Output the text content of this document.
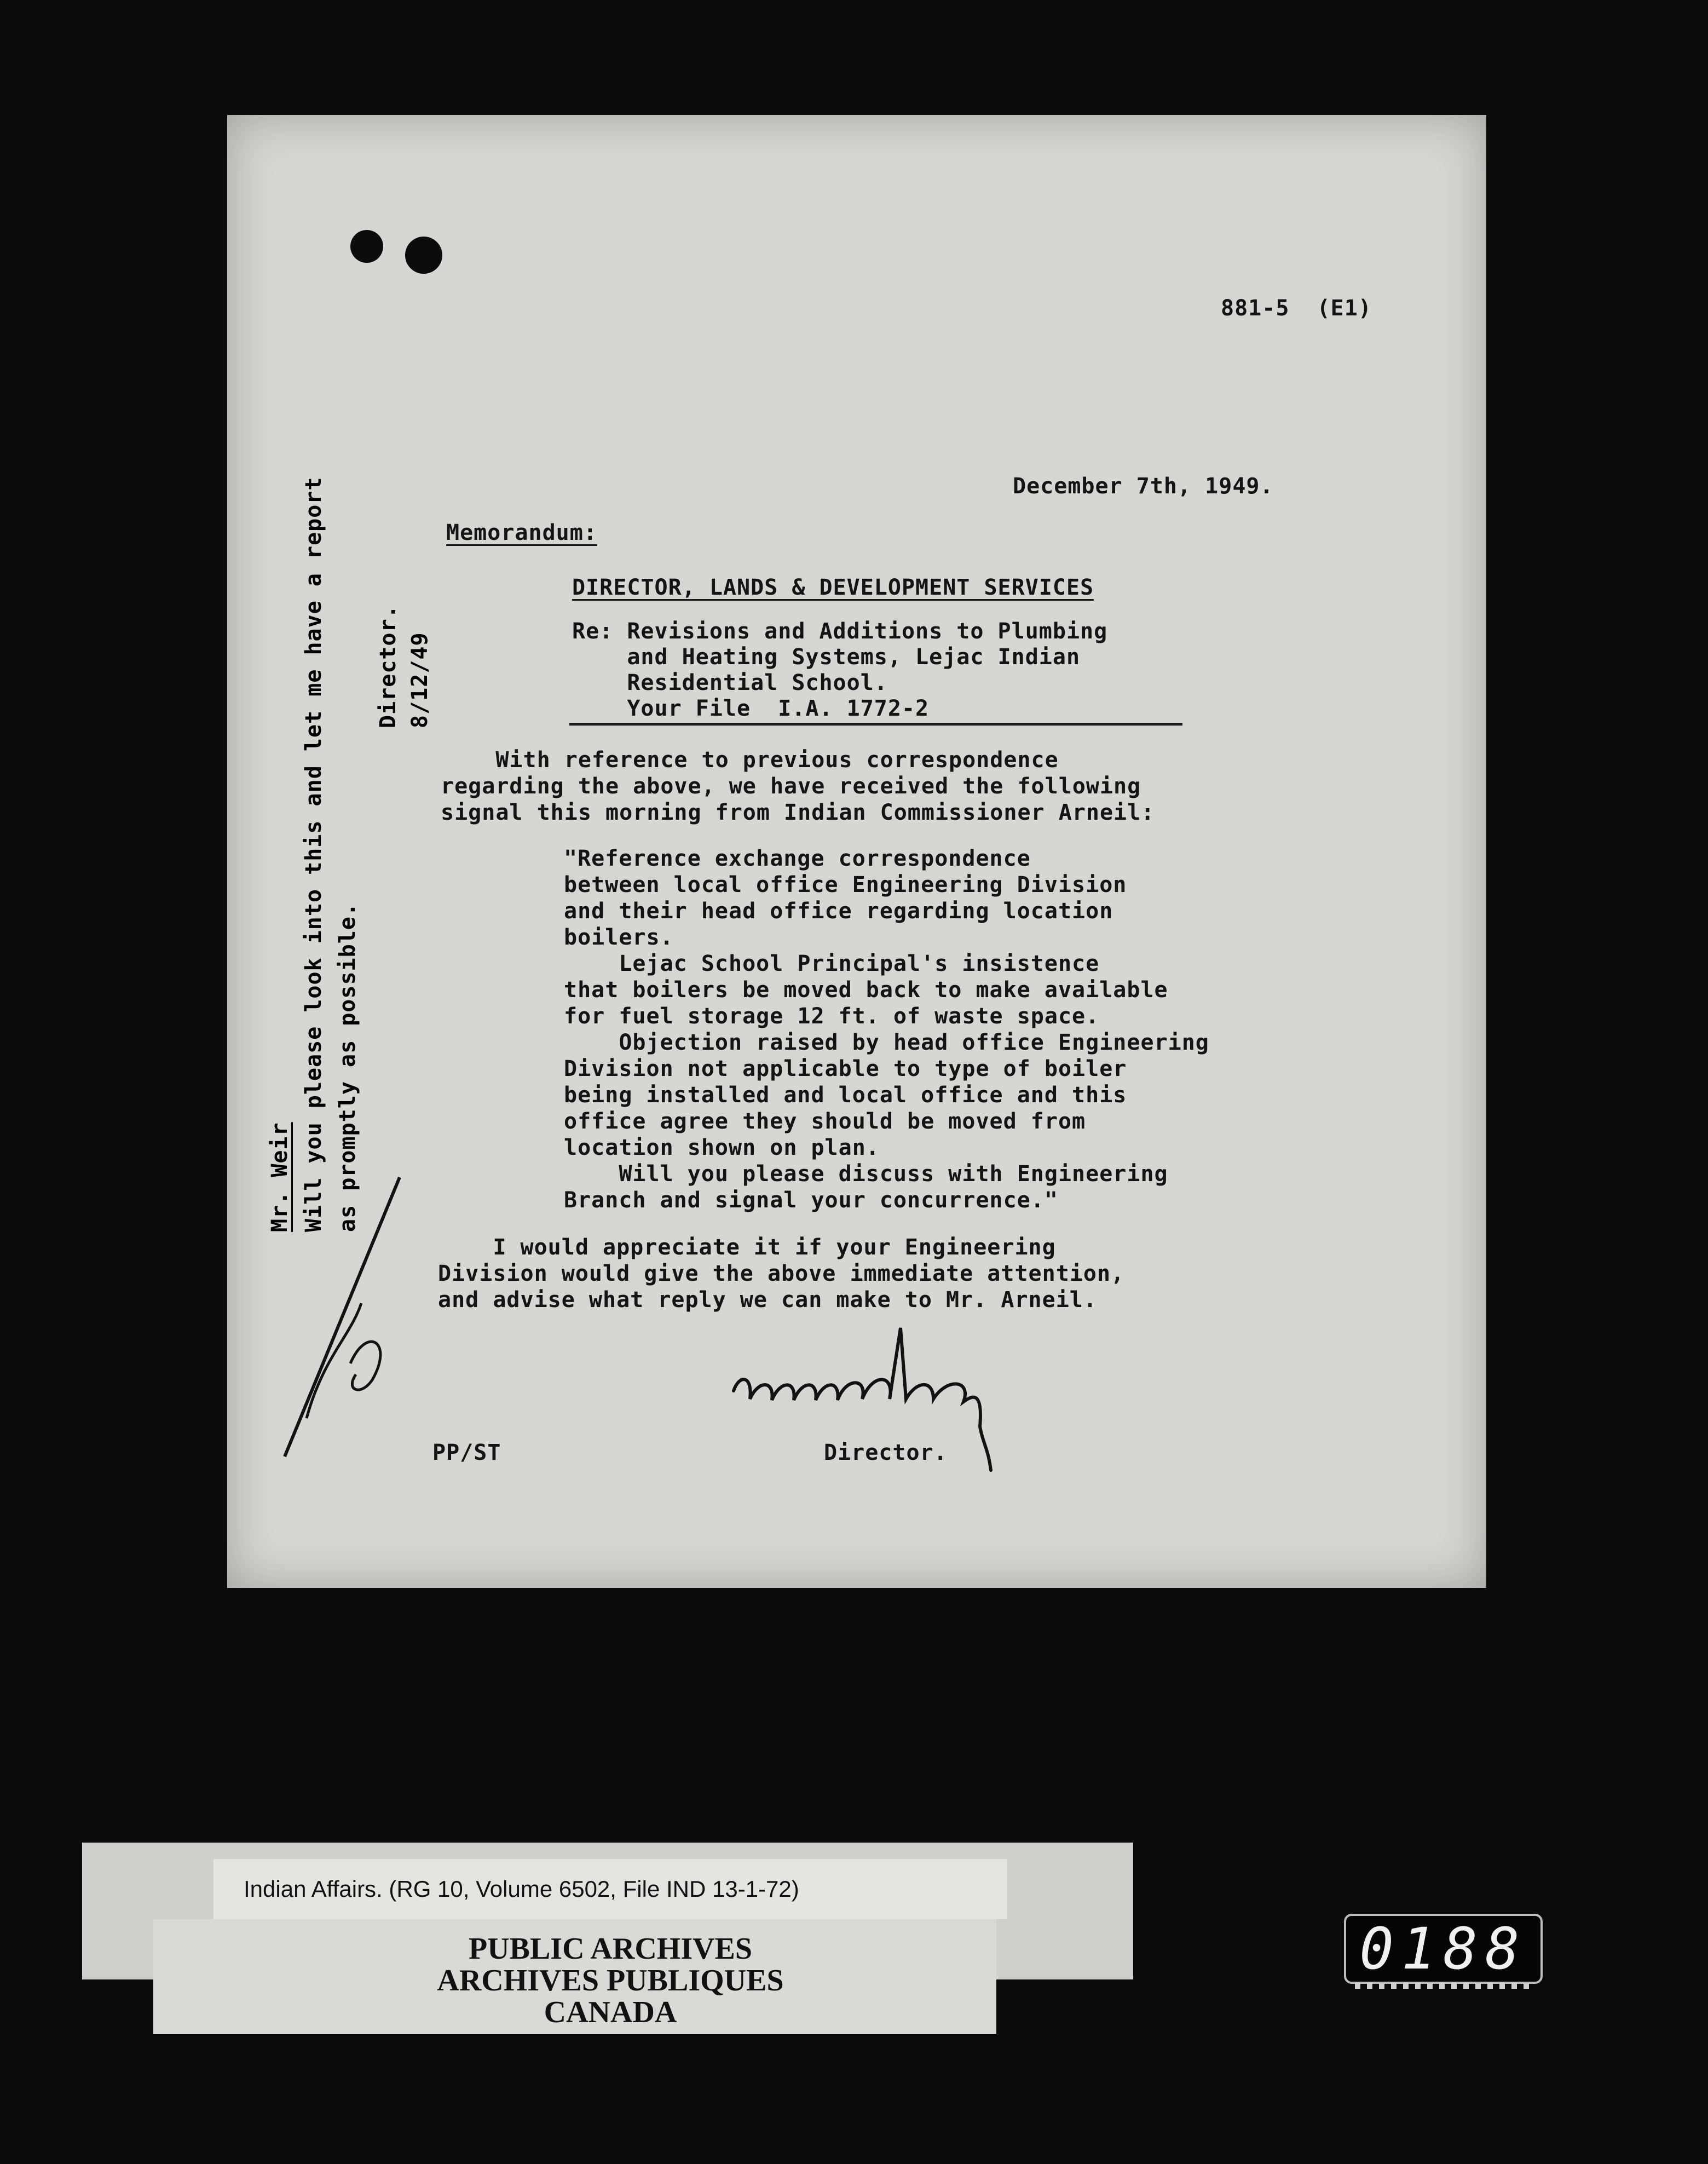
881-5  (E1)
December 7th, 1949.
Memorandum:
DIRECTOR, LANDS & DEVELOPMENT SERVICES
Re: Revisions and Additions to Plumbing
and Heating Systems, Lejac Indian
Residential School.
Your File  I.A. 1772-2
With reference to previous correspondence
regarding the above, we have received the following
signal this morning from Indian Commissioner Arneil:
"Reference exchange correspondence
between local office Engineering Division
and their head office regarding location
boilers.
Lejac School Principal's insistence
that boilers be moved back to make available
for fuel storage 12 ft. of waste space.
Objection raised by head office Engineering
Division not applicable to type of boiler
being installed and local office and this
office agree they should be moved from
location shown on plan.
Will you please discuss with Engineering
Branch and signal your concurrence."
I would appreciate it if your Engineering
Division would give the above immediate attention,
and advise what reply we can make to Mr. Arneil.
PP/ST	Director.
Mr. Weir Will you please look into this and let me have a report as promptly as possible.
Director. 8/12/49
Indian Affairs. (RG 10, Volume 6502, File IND 13-1-72)
PUBLIC ARCHIVES
ARCHIVES PUBLIQUES
CANADA
0188
